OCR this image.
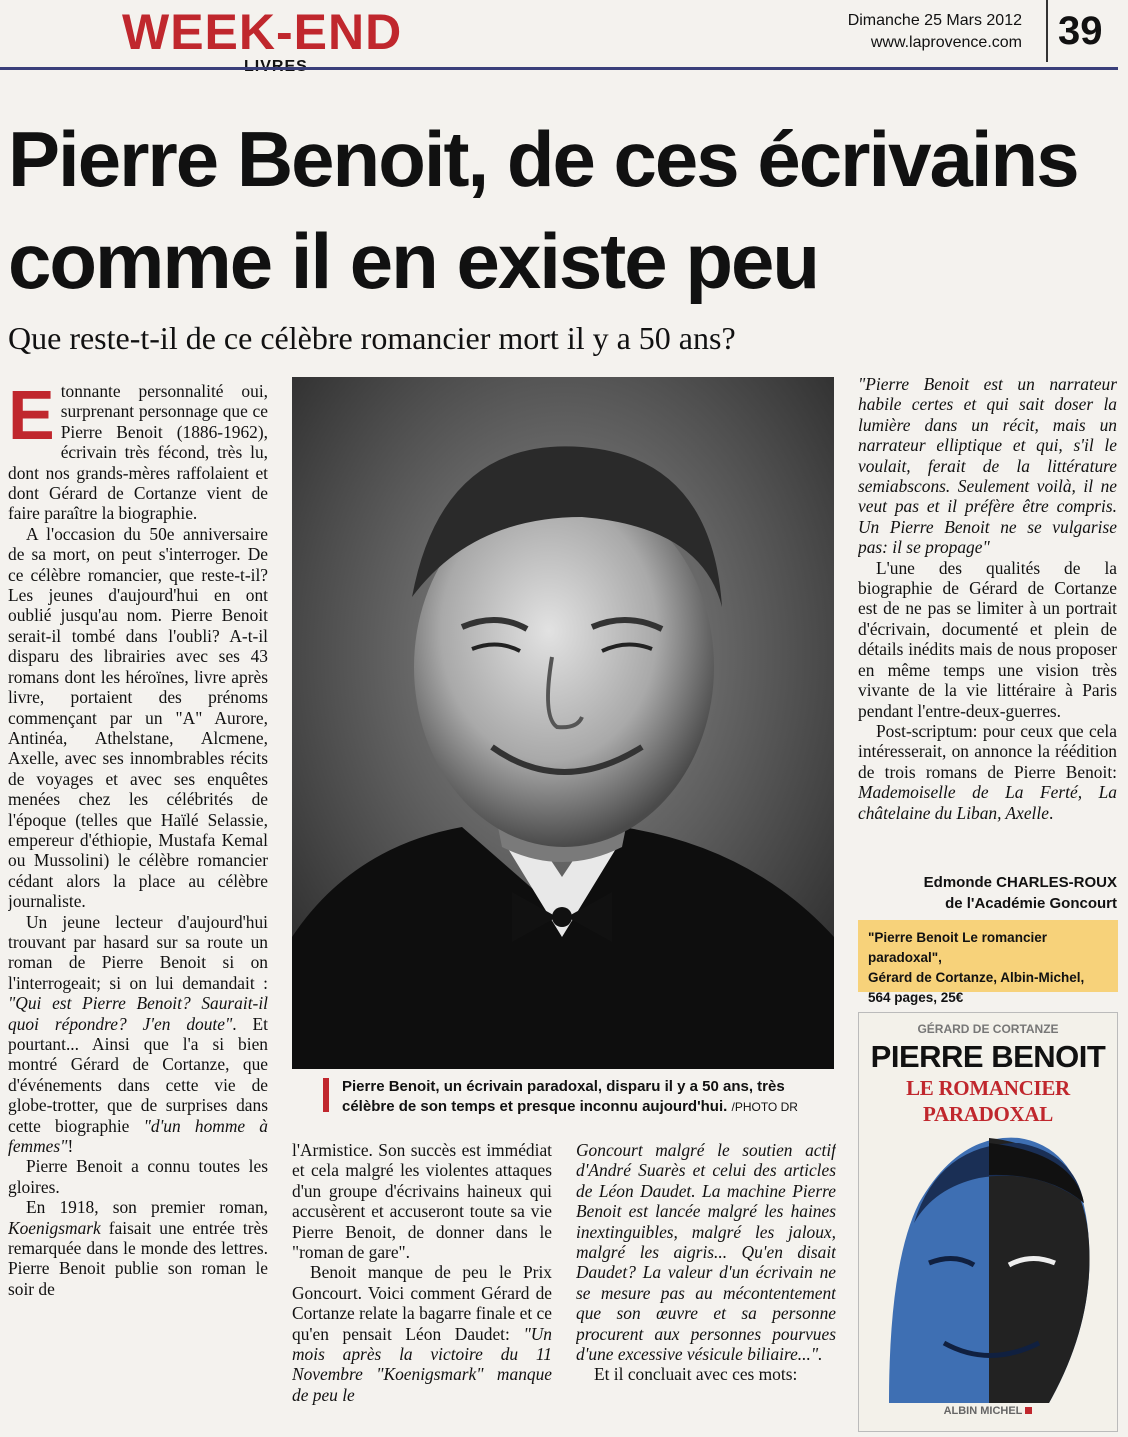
WEEK-END	Dimanche 25 Mars 2012
www.laprovence.com 39
Pierre Benoit, de ces écrivains
comme il en existe peu
Que reste-t-il de ce célèbre romancier mort il y a 50 ans?

Etonnante personnalité oui, surprenant personnage que ce Pierre Benoit (1886-1962), écrivain très fécond, très lu, dont nos grands-mères raffolaient et dont Gérard de Cortanze vient de faire paraître la biographie.

A l'occasion du 50e anniversaire de sa mort, on peut s'interroger. De ce célèbre romancier, que reste-t-il? Les jeunes d'aujourd'hui en ont oublié jusqu'au nom. Pierre Benoit serait-il tombé dans l'oubli? A-t-il disparu des librairies avec ses 43 romans dont les héroïnes, livre après livre, portaient des prénoms commençant par un "A" Aurore, Antinéa, Athelstane, Alcmene, Axelle, avec ses innombrables récits de voyages et avec ses enquêtes menées chez les célébrités de l'époque (telles que Haïlé Selassie, empereur d'éthiopie, Mustafa Kemal ou Mussolini) le célèbre romancier cédant alors la place au célèbre journaliste.

Un jeune lecteur d'aujourd'hui trouvant par hasard sur sa route un roman de Pierre Benoit si on l'interrogeait; si on lui demandait : "Qui est Pierre Benoit? Saurait-il quoi répondre? J'en doute". Et pourtant... Ainsi que l'a si bien montré Gérard de Cortanze, que d'événements dans cette vie de globe-trotter, que de surprises dans cette biographie "d'un homme à femmes"!

Pierre Benoit a connu toutes les gloires.

En 1918, son premier roman, Koenigsmark faisait une entrée très remarquée dans le monde des lettres. Pierre Benoit publie son roman le soir de

Pierre Benoit, un écrivain paradoxal, disparu il y a 50 ans, très célèbre de son temps et presque inconnu aujourd'hui. /PHOTO DR

l'Armistice. Son succès est immédiat et cela malgré les violentes attaques d'un groupe d'écrivains haineux qui accusèrent et accuseront toute sa vie Pierre Benoit, de donner dans le "roman de gare".

Benoit manque de peu le Prix Goncourt. Voici comment Gérard de Cortanze relate la bagarre finale et ce qu'en pensait Léon Daudet: "Un mois après la victoire du 11 Novembre "Koenigsmark" manque de peu le

Goncourt malgré le soutien actif d'André Suarès et celui des articles de Léon Daudet. La machine Pierre Benoit est lancée malgré les haines inextinguibles, malgré les jaloux, malgré les aigris... Qu'en disait Daudet? La valeur d'un écrivain ne se mesure pas au mécontentement que son œuvre et sa personne procurent aux personnes pourvues d'une excessive vésicule biliaire...".

Et il concluait avec ces mots:

"Pierre Benoit est un narrateur habile certes et qui sait doser la lumière dans un récit, mais un narrateur elliptique et qui, s'il le voulait, ferait de la littérature semiabscons. Seulement voilà, il ne veut pas et il préfère être compris. Un Pierre Benoit ne se vulgarise pas: il se propage"

L'une des qualités de la biographie de Gérard de Cortanze est de ne pas se limiter à un portrait d'écrivain, documenté et plein de détails inédits mais de nous proposer en même temps une vision très vivante de la vie littéraire à Paris pendant l'entre-deux-guerres.

Post-scriptum: pour ceux que cela intéresserait, on annonce la réédition de trois romans de Pierre Benoit: Mademoiselle de La Ferté, La châtelaine du Liban, Axelle.

Edmonde CHARLES-ROUX
de l'Académie Goncourt
"Pierre Benoit Le romancier paradoxal",
Gérard de Cortanze, Albin-Michel,
564 pages, 25€
GÉRARD DE CORTANZE
PIERRE BENOIT
LE ROMANCIER PARADOXAL
ALBIN MICHEL
